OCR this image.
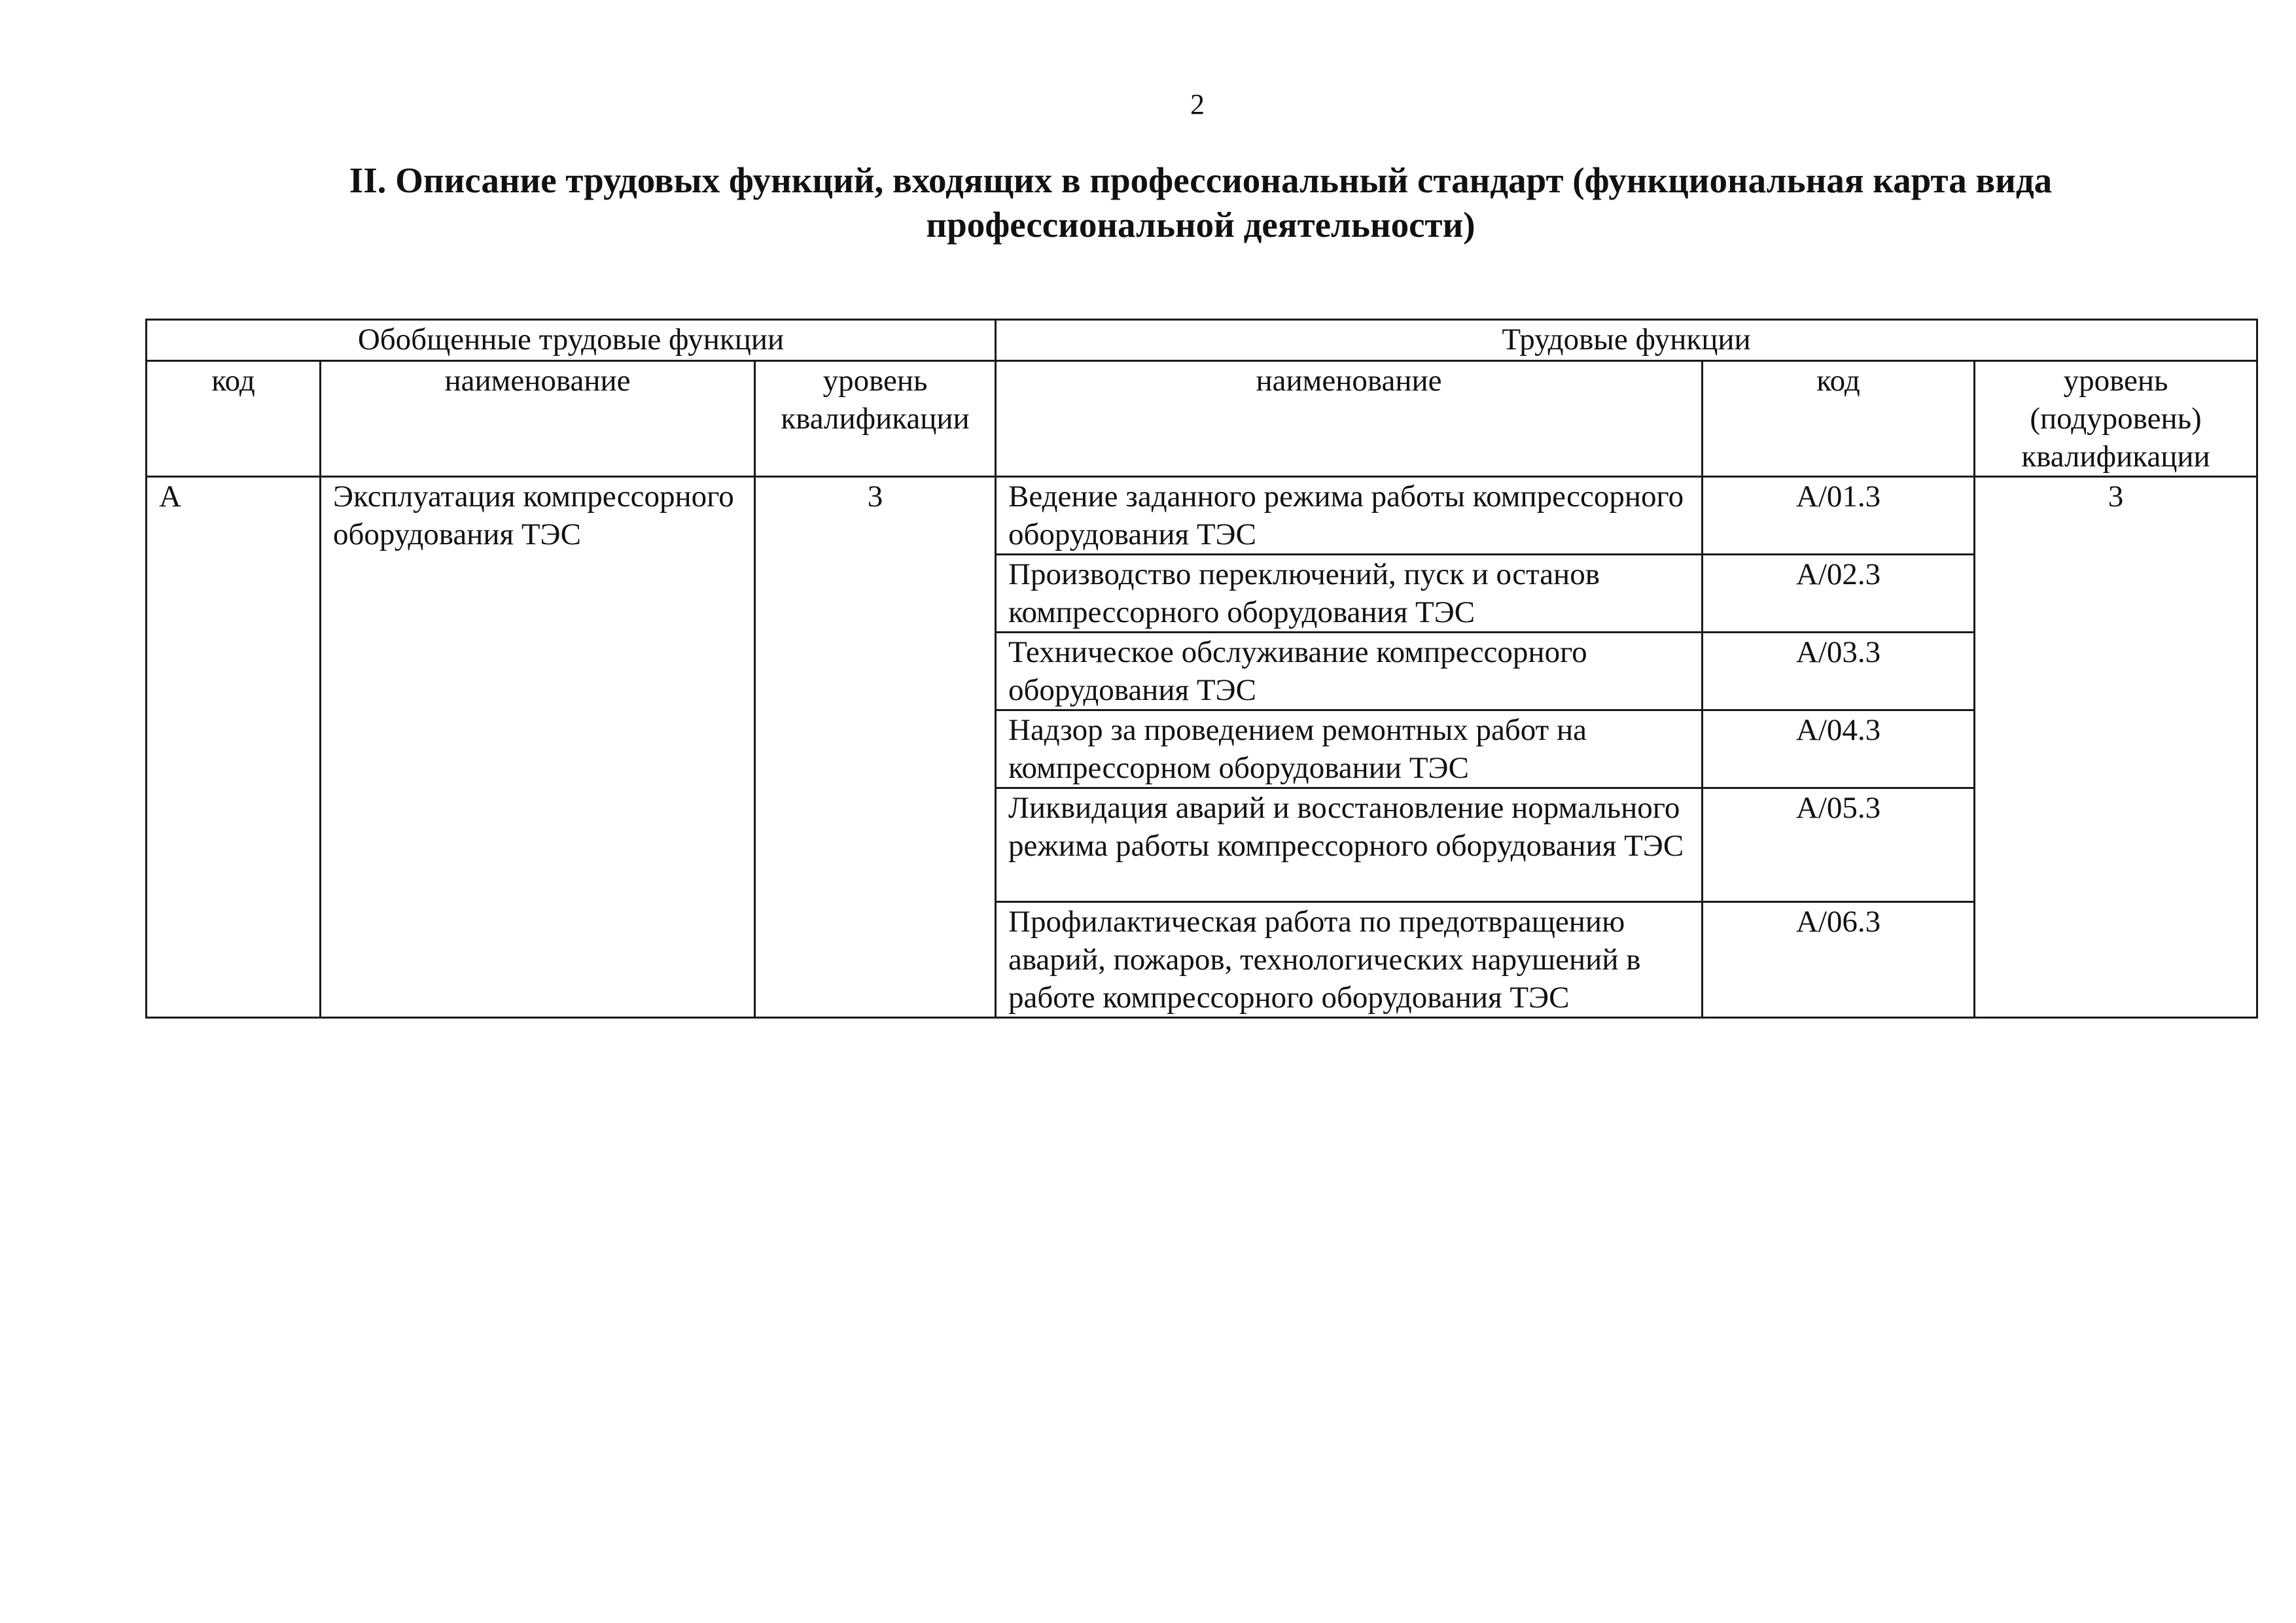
2
II. Описание трудовых функций, входящих в профессиональный стандарт (функциональная карта вида
профессиональной деятельности)
Обобщенные трудовые функции			Трудовые функции		
код	наименование	уровень квалификации	наименование	код	уровень (подуровень) квалификации
А	Эксплуатация компрессорного оборудования ТЭС	3	Ведение заданного режима работы компрессорного оборудования ТЭС	А/01.3	3
			Производство переключений, пуск и останов компрессорного оборудования ТЭС	А/02.3	
			Техническое обслуживание компрессорного оборудования ТЭС	А/03.3	
			Надзор за проведением ремонтных работ на компрессорном оборудовании ТЭС	А/04.3	
			Ликвидация аварий и восстановление нормального режима работы компрессорного оборудования ТЭС	А/05.3	
			Профилактическая работа по предотвращению аварий, пожаров, технологических нарушений в работе компрессорного оборудования ТЭС	А/06.3	
